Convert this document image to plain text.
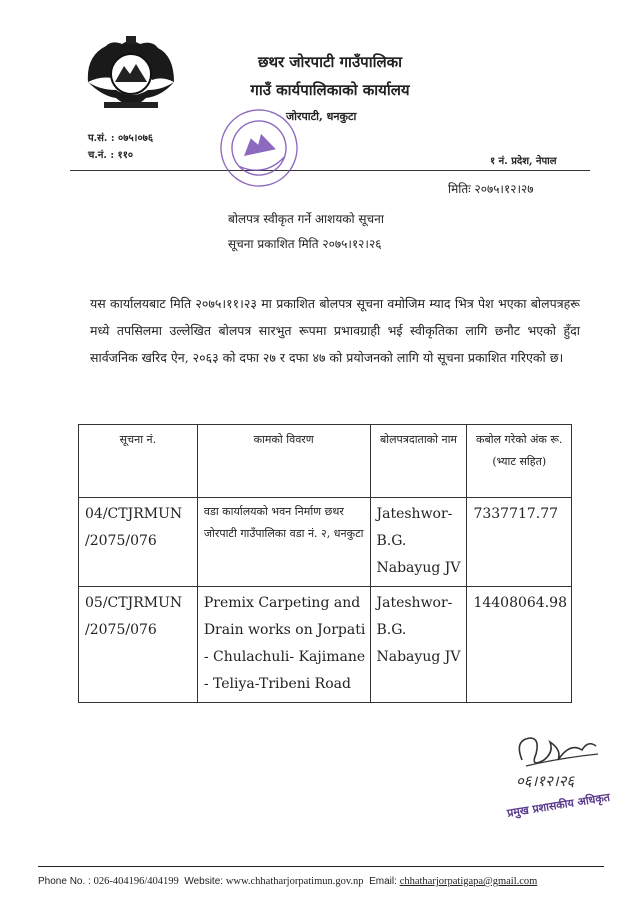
छथर जोरपाटी गाउँपालिका
गाउँ कार्यपालिकाको कार्यालय
जोरपाटी, धनकुटा
प.सं. : ०७५।०७६
च.नं. : ११०
१ नं. प्रदेश, नेपाल
मितिः २०७५।१२।२७
बोलपत्र स्वीकृत गर्ने आशयको सूचना
सूचना प्रकाशित मिति २०७५।१२।२६
यस कार्यालयबाट मिति २०७५।११।२३ मा प्रकाशित बोलपत्र सूचना वमोजिम म्याद भित्र पेश भएका बोलपत्रहरू मध्ये तपसिलमा उल्लेखित बोलपत्र सारभुत रूपमा प्रभावग्राही भई स्वीकृतिका लागि छनौट भएको हुँदा सार्वजनिक खरिद ऐन, २०६३ को दफा २७ र दफा ४७ को प्रयोजनको लागि यो सूचना प्रकाशित गरिएको छ।
सूचना नं.	कामको विवरण	बोलपत्रदाताको नाम	कबोल गरेको अंक रू. (भ्याट सहित)
04/CTJRMUN /2075/076	वडा कार्यालयको भवन निर्माण छथर जोरपाटी गाउँपालिका वडा नं. २, धनकुटा	Jateshwor-B.G. Nabayug JV	7337717.77
05/CTJRMUN /2075/076	Premix Carpeting and Drain works on Jorpati - Chulachuli- Kajimane - Teliya-Tribeni Road	Jateshwor-B.G. Nabayug JV	14408064.98
०६।१२।२६
प्रमुख प्रशासकीय अधिकृत
Phone No. : 026-404196/404199 Website: www.chhatharjorpatimun.gov.np Email: chhatharjorpatigapa@gmail.com
